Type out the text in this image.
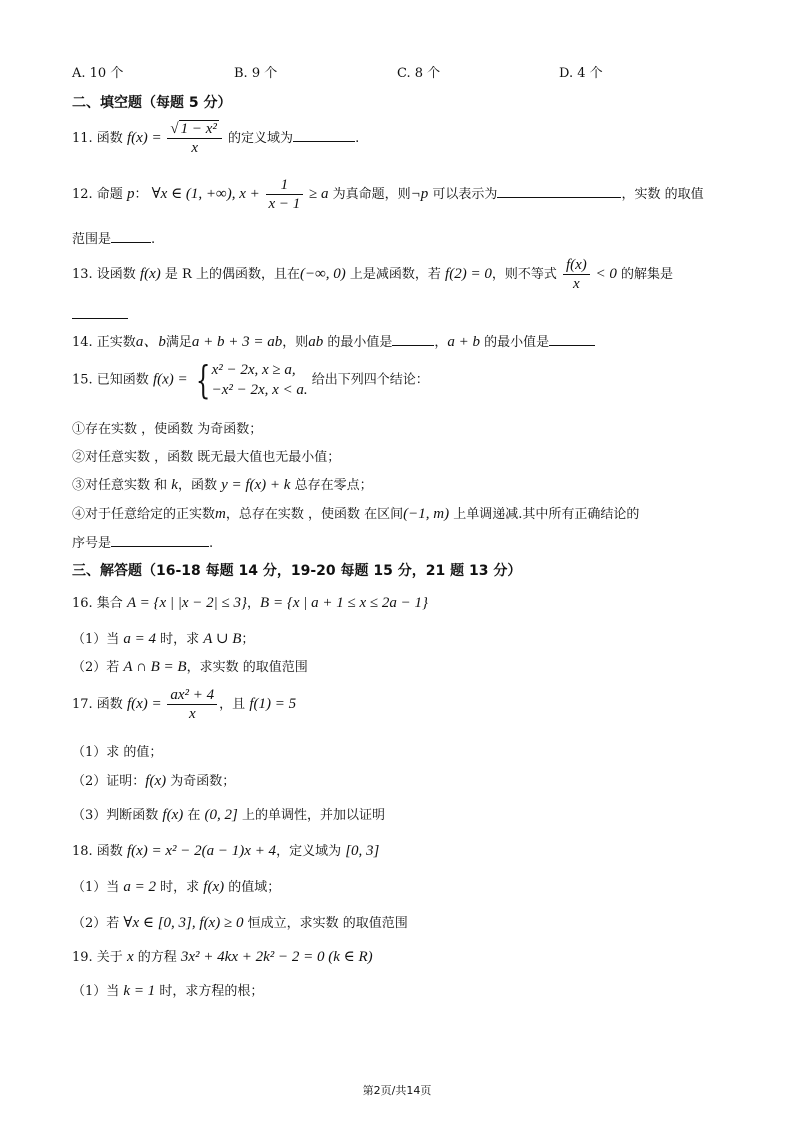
A. 10 个	B. 9 个	C. 8 个	D. 4 个
二、填空题（每题 5 分）
11. 函数 $f(x) = \frac{\text{√ 1 − x²}}{x}$ 的定义域为	.
12. 命题 p： ∀x ∈ (1, +∞), $x + \frac{1}{x - 1} \ge a$ 为真命题，则¬p 可以表示为	，实数 的取值
范围是	.
13. 设函数 f(x) 是 R 上的偶函数，且在(−∞, 0) 上是减函数，若 f(2) = 0，则不等式 $\frac{f(x)}{x} < 0$ 的解集是
14. 正实数a、b满足a + b + 3 = ab，则ab 的最小值是	，a + b 的最小值是
15. 已知函数 f(x) = { x² − 2x, x ≥ a,
−x² − 2x, x < a.
给出下列四个结论：
①存在实数 ，使函数 为奇函数；
②对任意实数 ，函数 既无最大值也无最小值；
③对任意实数 和 k，函数 y = f(x) + k 总存在零点；
④对于任意给定的正实数m，总存在实数 ，使函数 在区间(−1, m) 上单调递减.其中所有正确结论的
序号是	.
三、解答题（16-18 每题 14 分，19-20 每题 15 分，21 题 13 分）
16. 集合 A = {x | |x − 2| ≤ 3}，B = {x | a + 1 ≤ x ≤ 2a − 1}
（1）当 a = 4 时，求 A ∪ B；
（2）若 A ∩ B = B，求实数 的取值范围
17. 函数 $f(x) = \frac{\text{ax² + 4}}{x}$ ，且 f(1) = 5
（1）求 的值；
（2）证明：f(x) 为奇函数；
（3）判断函数 f(x) 在 (0, 2] 上的单调性，并加以证明
18. 函数 f(x) = x² − 2(a − 1)x + 4，定义域为 [0, 3]
（1）当 a = 2 时，求 f(x) 的值域；
（2）若 ∀x ∈ [0, 3], f(x) ≥ 0 恒成立，求实数 的取值范围
19. 关于 x 的方程 3x² + 4kx + 2k² − 2 = 0 (k ∈ R)
（1）当 k = 1 时，求方程的根；
第2页/共14页
